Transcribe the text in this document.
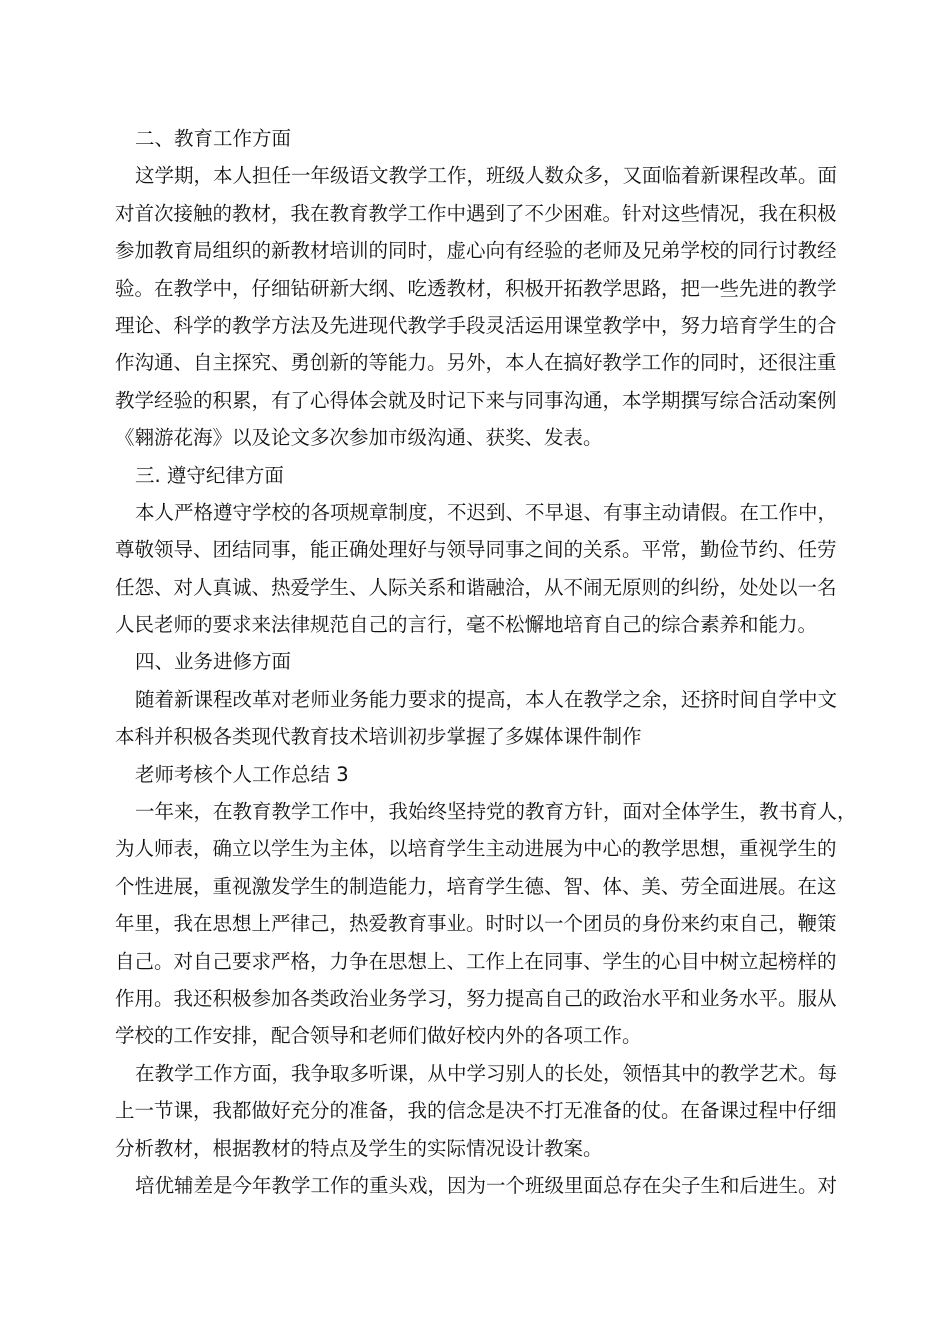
二、教育工作方面
这学期，本人担任一年级语文教学工作，班级人数众多，又面临着新课程改革。面
对首次接触的教材，我在教育教学工作中遇到了不少困难。针对这些情况，我在积极
参加教育局组织的新教材培训的同时，虚心向有经验的老师及兄弟学校的同行讨教经
验。在教学中，仔细钻研新大纲、吃透教材，积极开拓教学思路，把一些先进的教学
理论、科学的教学方法及先进现代教学手段灵活运用课堂教学中，努力培育学生的合
作沟通、自主探究、勇创新的等能力。另外，本人在搞好教学工作的同时，还很注重
教学经验的积累，有了心得体会就及时记下来与同事沟通，本学期撰写综合活动案例
《翱游花海》以及论文多次参加市级沟通、获奖、发表。
三. 遵守纪律方面
本人严格遵守学校的各项规章制度，不迟到、不早退、有事主动请假。在工作中，
尊敬领导、团结同事，能正确处理好与领导同事之间的关系。平常，勤俭节约、任劳
任怨、对人真诚、热爱学生、人际关系和谐融洽，从不闹无原则的纠纷，处处以一名
人民老师的要求来法律规范自己的言行，毫不松懈地培育自己的综合素养和能力。
四、业务进修方面
随着新课程改革对老师业务能力要求的提高，本人在教学之余，还挤时间自学中文
本科并积极各类现代教育技术培训初步掌握了多媒体课件制作
老师考核个人工作总结 3
一年来，在教育教学工作中，我始终坚持党的教育方针，面对全体学生，教书育人，
为人师表，确立以学生为主体，以培育学生主动进展为中心的教学思想，重视学生的
个性进展，重视激发学生的制造能力，培育学生德、智、体、美、劳全面进展。在这
年里，我在思想上严律己，热爱教育事业。时时以一个团员的身份来约束自己，鞭策
自己。对自己要求严格，力争在思想上、工作上在同事、学生的心目中树立起榜样的
作用。我还积极参加各类政治业务学习，努力提高自己的政治水平和业务水平。服从
学校的工作安排，配合领导和老师们做好校内外的各项工作。
在教学工作方面，我争取多听课，从中学习别人的长处，领悟其中的教学艺术。每
上一节课，我都做好充分的准备，我的信念是决不打无准备的仗。在备课过程中仔细
分析教材，根据教材的特点及学生的实际情况设计教案。
培优辅差是今年教学工作的重头戏，因为一个班级里面总存在尖子生和后进生。对
